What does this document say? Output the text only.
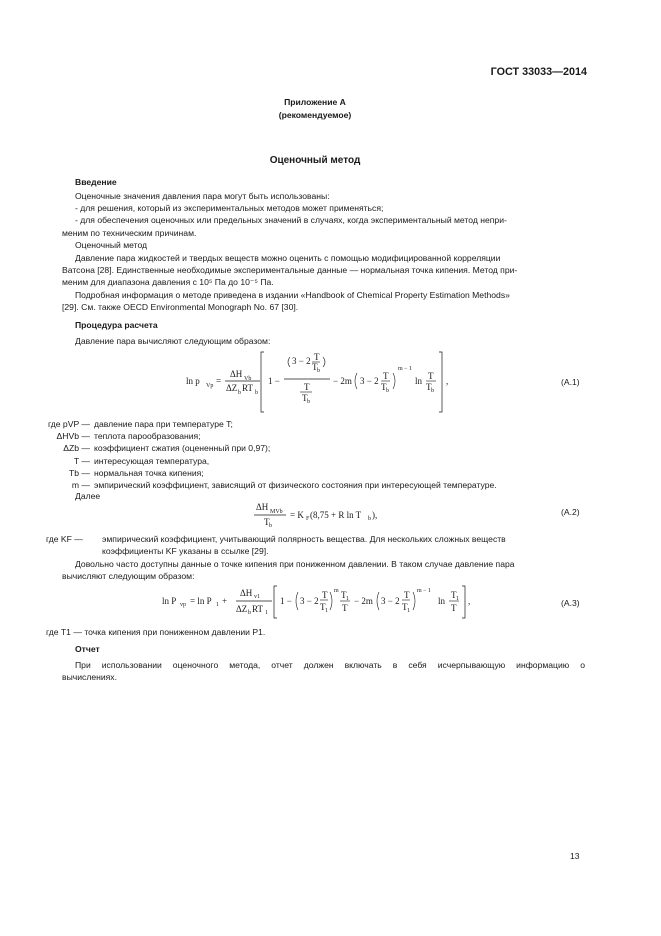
ГОСТ 33033—2014
Приложение А
(рекомендуемое)
Оценочный метод
Введение
Оценочные значения давления пара могут быть использованы:
- для решения, который из экспериментальных методов может применяться;
- для обеспечения оценочных или предельных значений в случаях, когда экспериментальный метод непри-
меним по техническим причинам.
Оценочный метод
Давление пара жидкостей и твердых веществ можно оценить с помощью модифицированной корреляции
Ватсона [28]. Единственные необходимые экспериментальные данные — нормальная точка кипения. Метод при-
меним для диапазона давления с 10⁵ Па до 10⁻⁵ Па.
Подробная информация о методе приведена в издании «Handbook of Chemical Property Estimation Methods»
[29]. См. также OECD Environmental Monograph No. 67 [30].
Процедура расчета
Давление пара вычисляют следующим образом:
ln p Vp =
ΔH Vb
ΔZ b RT b
1 −
3 − 2 T
T b
T
T b
− 2m 3 − 2 T
T b
m − 1
ln T
T b
,	(А.1)
где pVP — давление пара при температуре T;
ΔHVb — теплота парообразования;
ΔZb — коэффициент сжатия (оцененный при 0,97);
T — интересующая температура,
Tb — нормальная точка кипения;
m — эмпирический коэффициент, зависящий от физического состояния при интересующей температуре.
Далее
ΔH MVb
T b
= K F (8,75 + R ln T b ),	(А.2)
где KF — эмпирический коэффициент, учитывающий полярность вещества. Для нескольких сложных веществ
коэффициенты KF указаны в ссылке [29].
Довольно часто доступны данные о точке кипения при пониженном давлении. В таком случае давление пара
вычисляют следующим образом:
ln P vp = ln P 1 +
ΔH v1
ΔZ b RT 1
1 − 3 − 2
T
T 1
m T 1
T
− 2m 3 − 2
T
T 1
m − 1
ln
T 1
T
,	(А.3)
где T1 — точка кипения при пониженном давлении P1.
Отчет
При использовании оценочного метода, отчет должен включать в себя исчерпывающую информацию о
вычислениях.
13
